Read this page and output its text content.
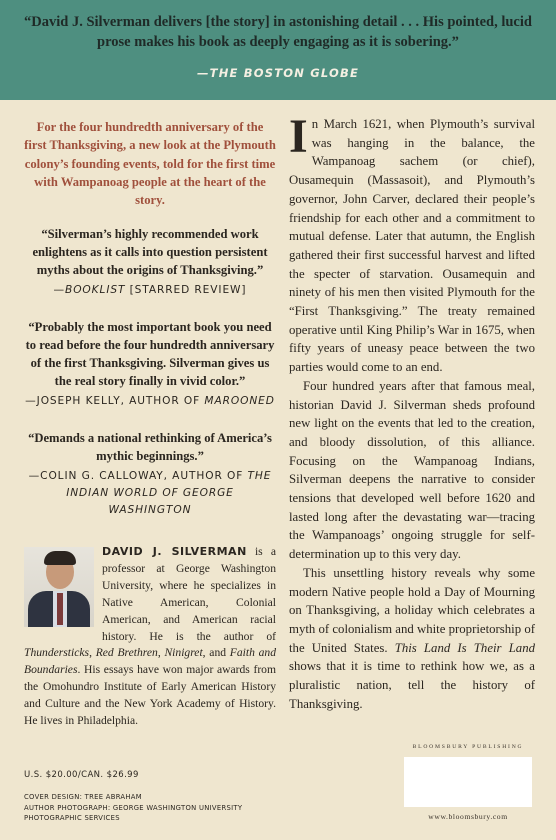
“David J. Silverman delivers [the story] in astonishing detail . . . His pointed, lucid prose makes his book as deeply engaging as it is sobering.”
—THE BOSTON GLOBE
For the four hundredth anniversary of the first Thanksgiving, a new look at the Plymouth colony’s founding events, told for the first time with Wampanoag people at the heart of the story.
“Silverman’s highly recommended work enlightens as it calls into question persistent myths about the origins of Thanksgiving.”
—BOOKLIST [STARRED REVIEW]
“Probably the most important book you need to read before the four hundredth anniversary of the first Thanksgiving. Silverman gives us the real story finally in vivid color.”
—JOSEPH KELLY, AUTHOR OF MAROONED
“Demands a national rethinking of America’s mythic beginnings.”
—COLIN G. CALLOWAY, AUTHOR OF THE INDIAN WORLD OF GEORGE WASHINGTON
DAVID J. SILVERMAN is a professor at George Washington University, where he specializes in Native American, Colonial American, and American racial history. He is the author of Thundersticks, Red Brethren, Ninigret, and Faith and Boundaries. His essays have won major awards from the Omohundro Institute of Early American History and Culture and the New York Academy of History. He lives in Philadelphia.
U.S. $20.00/CAN. $26.99
COVER DESIGN: TREE ABRAHAM
AUTHOR PHOTOGRAPH: GEORGE WASHINGTON UNIVERSITY
PHOTOGRAPHIC SERVICES

In March 1621, when Plymouth’s survival was hanging in the balance, the Wampanoag sachem (or chief), Ousamequin (Massasoit), and Plymouth’s governor, John Carver, declared their people’s friendship for each other and a commitment to mutual defense. Later that autumn, the English gathered their first successful harvest and lifted the specter of starvation. Ousamequin and ninety of his men then visited Plymouth for the “First Thanksgiving.” The treaty remained operative until King Philip’s War in 1675, when fifty years of uneasy peace between the two parties would come to an end.

Four hundred years after that famous meal, historian David J. Silverman sheds profound new light on the events that led to the creation, and bloody dissolution, of this alliance. Focusing on the Wampanoag Indians, Silverman deepens the narrative to consider tensions that developed well before 1620 and lasted long after the devastating war—tracing the Wampanoags’ ongoing struggle for self-determination up to this very day.

This unsettling history reveals why some modern Native people hold a Day of Mourning on Thanksgiving, a holiday which celebrates a myth of colonialism and white proprietorship of the United States. This Land Is Their Land shows that it is time to rethink how we, as a pluralistic nation, tell the history of Thanksgiving.

BLOOMSBURY PUBLISHING
www.bloomsbury.com
